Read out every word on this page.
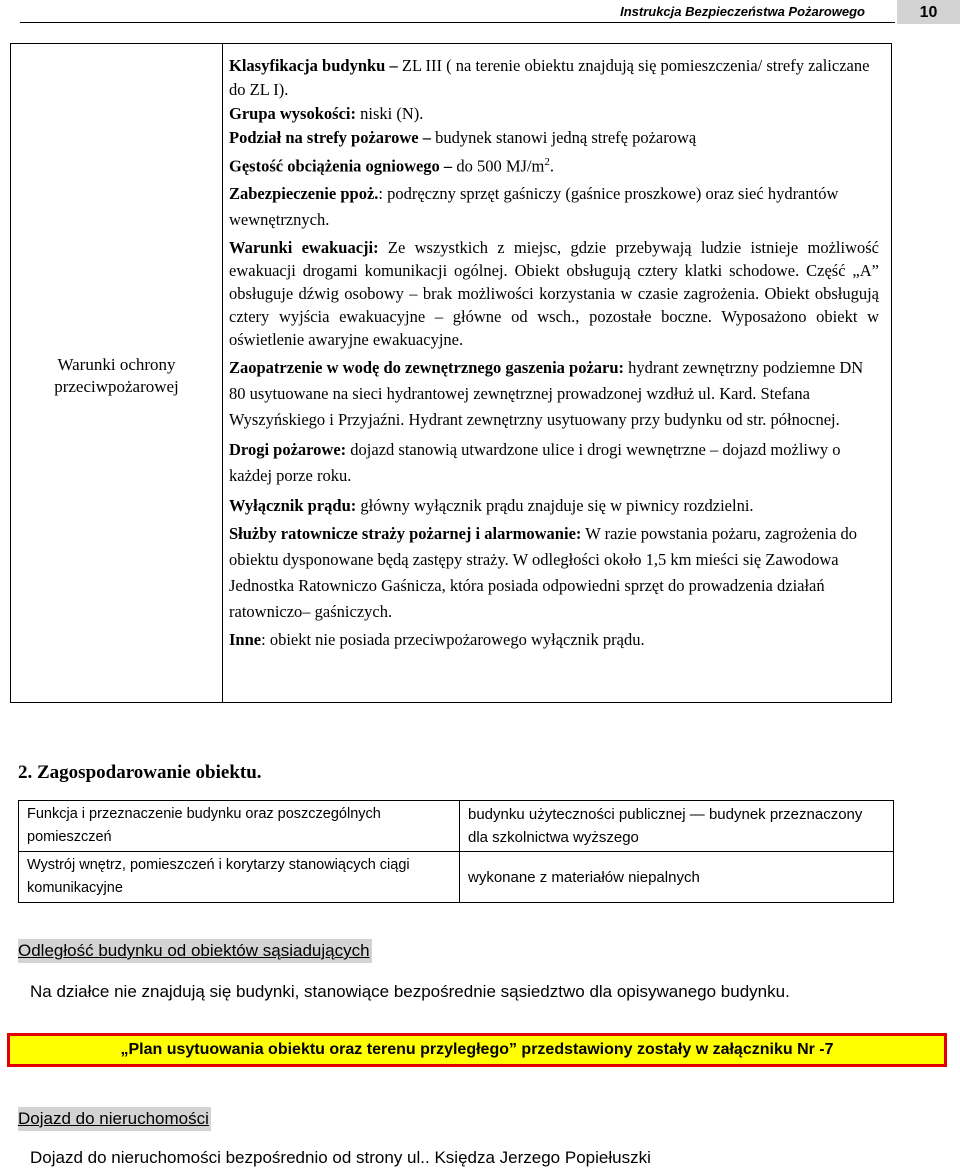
Instrukcja Bezpieczeństwa Pożarowego	10
Warunki ochrony
przeciwpożarowej

Klasyfikacja budynku – ZL III ( na terenie obiektu znajdują się pomieszczenia/ strefy zaliczane do ZL I).

Grupa wysokości: niski (N).

Podział na strefy pożarowe – budynek stanowi jedną strefę pożarową

Gęstość obciążenia ogniowego – do 500 $MJ/m^2$.

Zabezpieczenie ppoż.: podręczny sprzęt gaśniczy (gaśnice proszkowe) oraz sieć hydrantów wewnętrznych.

Warunki ewakuacji: Ze wszystkich z miejsc, gdzie przebywają ludzie istnieje możliwość ewakuacji drogami komunikacji ogólnej. Obiekt obsługują cztery klatki schodowe. Część „A” obsługuje dźwig osobowy – brak możliwości korzystania w czasie zagrożenia. Obiekt obsługują cztery wyjścia ewakuacyjne – główne od wsch., pozostałe boczne. Wyposażono obiekt w oświetlenie awaryjne ewakuacyjne.

Zaopatrzenie w wodę do zewnętrznego gaszenia pożaru: hydrant zewnętrzny podziemne DN 80 usytuowane na sieci hydrantowej zewnętrznej prowadzonej wzdłuż ul. Kard. Stefana Wyszyńskiego i Przyjaźni. Hydrant zewnętrzny usytuowany przy budynku od str. północnej.

Drogi pożarowe: dojazd stanowią utwardzone ulice i drogi wewnętrzne – dojazd możliwy o każdej porze roku.

Wyłącznik prądu: główny wyłącznik prądu znajduje się w piwnicy rozdzielni.

Służby ratownicze straży pożarnej i alarmowanie: W razie powstania pożaru, zagrożenia do obiektu dysponowane będą zastępy straży. W odległości około 1,5 km mieści się Zawodowa Jednostka Ratowniczo Gaśnicza, która posiada odpowiedni sprzęt do prowadzenia działań ratowniczo– gaśniczych.

Inne: obiekt nie posiada przeciwpożarowego wyłącznik prądu.

2. Zagospodarowanie obiektu.
Funkcja i przeznaczenie budynku oraz poszczególnych pomieszczeń	budynku użyteczności publicznej — budynek przeznaczony dla szkolnictwa wyższego
Wystrój wnętrz, pomieszczeń i korytarzy stanowiących ciągi komunikacyjne	wykonane z materiałów niepalnych
Odległość budynku od obiektów sąsiadujących
Na działce nie znajdują się budynki, stanowiące bezpośrednie sąsiedztwo dla opisywanego budynku.
„Plan usytuowania obiektu oraz terenu przyległego” przedstawiony zostały w załączniku Nr -7
Dojazd do nieruchomości
Dojazd do nieruchomości bezpośrednio od strony ul.. Księdza Jerzego Popiełuszki
